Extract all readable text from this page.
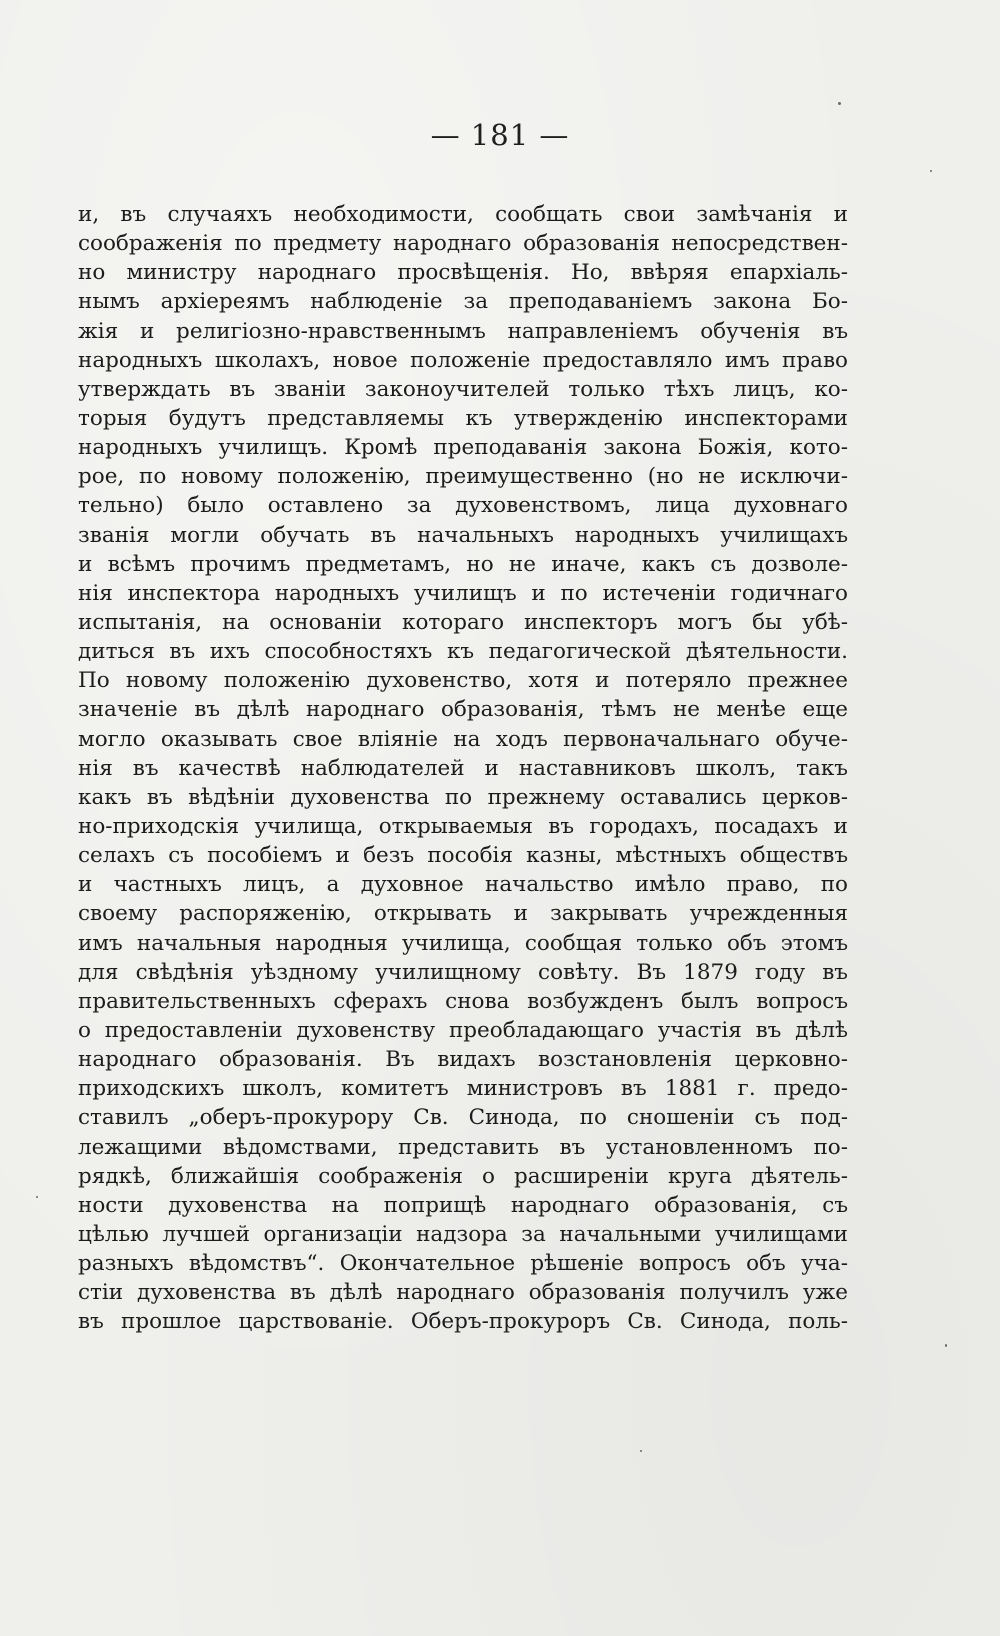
— 181 —
и, въ случаяхъ необходимости, сообщать свои замѣчанія и
соображенія по предмету народнаго образованія непосредствен-
но министру народнаго просвѣщенія. Но, ввѣряя епархіаль-
нымъ архіереямъ наблюденіе за преподаваніемъ закона Бо-
жія и религіозно-нравственнымъ направленіемъ обученія въ
народныхъ школахъ, новое положеніе предоставляло имъ право
утверждать въ званіи законоучителей только тѣхъ лицъ, ко-
торыя будутъ представляемы къ утвержденію инспекторами
народныхъ училищъ. Кромѣ преподаванія закона Божія, кото-
рое, по новому положенію, преимущественно (но не исключи-
тельно) было оставлено за духовенствомъ, лица духовнаго
званія могли обучать въ начальныхъ народныхъ училищахъ
и всѣмъ прочимъ предметамъ, но не иначе, какъ съ дозволе-
нія инспектора народныхъ училищъ и по истеченіи годичнаго
испытанія, на основаніи котораго инспекторъ могъ бы убѣ-
диться въ ихъ способностяхъ къ педагогической дѣятельности.
По новому положенію духовенство, хотя и потеряло прежнее
значеніе въ дѣлѣ народнаго образованія, тѣмъ не менѣе еще
могло оказывать свое вліяніе на ходъ первоначальнаго обуче-
нія въ качествѣ наблюдателей и наставниковъ школъ, такъ
какъ въ вѣдѣніи духовенства по прежнему оставались церков-
но-приходскія училища, открываемыя въ городахъ, посадахъ и
селахъ съ пособіемъ и безъ пособія казны, мѣстныхъ обществъ
и частныхъ лицъ, а духовное начальство имѣло право, по
своему распоряженію, открывать и закрывать учрежденныя
имъ начальныя народныя училища, сообщая только объ этомъ
для свѣдѣнія уѣздному училищному совѣту. Въ 1879 году въ
правительственныхъ сферахъ снова возбужденъ былъ вопросъ
о предоставленіи духовенству преобладающаго участія въ дѣлѣ
народнаго образованія. Въ видахъ возстановленія церковно-
приходскихъ школъ, комитетъ министровъ въ 1881 г. предо-
ставилъ „оберъ-прокурору Св. Синода, по сношеніи съ под-
лежащими вѣдомствами, представить въ установленномъ по-
рядкѣ, ближайшія соображенія о расширеніи круга дѣятель-
ности духовенства на поприщѣ народнаго образованія, съ
цѣлью лучшей организаціи надзора за начальными училищами
разныхъ вѣдомствъ“. Окончательное рѣшеніе вопросъ объ уча-
стіи духовенства въ дѣлѣ народнаго образованія получилъ уже
въ прошлое царствованіе. Оберъ-прокуроръ Св. Синода, поль-
